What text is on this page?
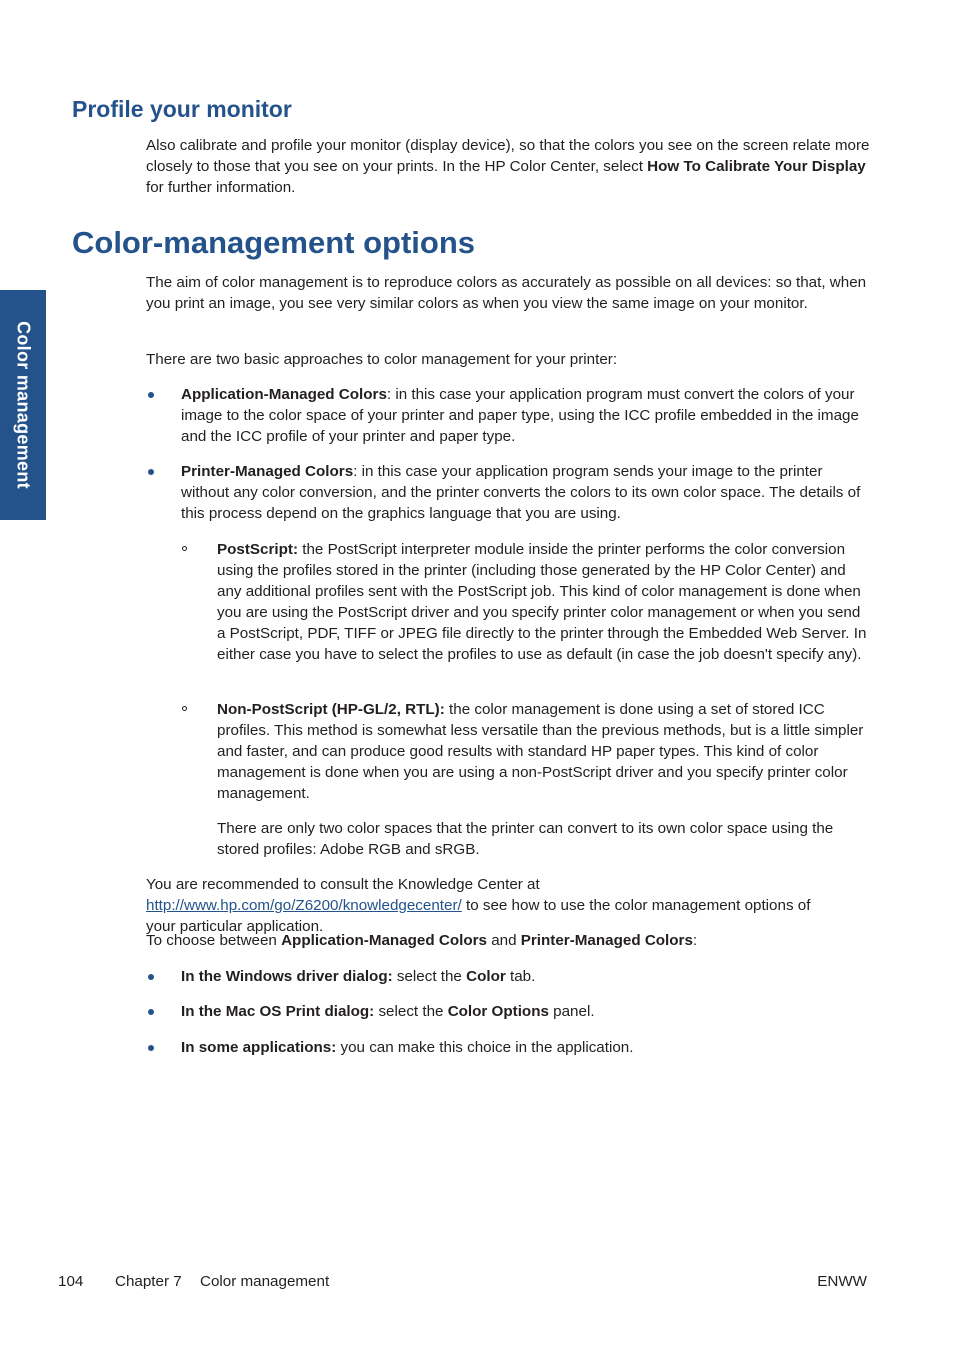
Color management
Profile your monitor

Also calibrate and profile your monitor (display device), so that the colors you see on the screen relate more closely to those that you see on your prints. In the HP Color Center, select How To Calibrate Your Display for further information.

Color-management options

The aim of color management is to reproduce colors as accurately as possible on all devices: so that, when you print an image, you see very similar colors as when you view the same image on your monitor.

There are two basic approaches to color management for your printer:

Application-Managed Colors: in this case your application program must convert the colors of your image to the color space of your printer and paper type, using the ICC profile embedded in the image and the ICC profile of your printer and paper type.

Printer-Managed Colors: in this case your application program sends your image to the printer without any color conversion, and the printer converts the colors to its own color space. The details of this process depend on the graphics language that you are using.

PostScript: the PostScript interpreter module inside the printer performs the color conversion using the profiles stored in the printer (including those generated by the HP Color Center) and any additional profiles sent with the PostScript job. This kind of color management is done when you are using the PostScript driver and you specify printer color management or when you send a PostScript, PDF, TIFF or JPEG file directly to the printer through the Embedded Web Server. In either case you have to select the profiles to use as default (in case the job doesn't specify any).

Non-PostScript (HP-GL/2, RTL): the color management is done using a set of stored ICC profiles. This method is somewhat less versatile than the previous methods, but is a little simpler and faster, and can produce good results with standard HP paper types. This kind of color management is done when you are using a non-PostScript driver and you specify printer color management.

There are only two color spaces that the printer can convert to its own color space using the stored profiles: Adobe RGB and sRGB.

You are recommended to consult the Knowledge Center at http://www.hp.com/go/Z6200/knowledgecenter/ to see how to use the color management options of your particular application.

To choose between Application-Managed Colors and Printer-Managed Colors:

In the Windows driver dialog: select the Color tab.

In the Mac OS Print dialog: select the Color Options panel.

In some applications: you can make this choice in the application.

104 Chapter 7 Color management	ENWW
